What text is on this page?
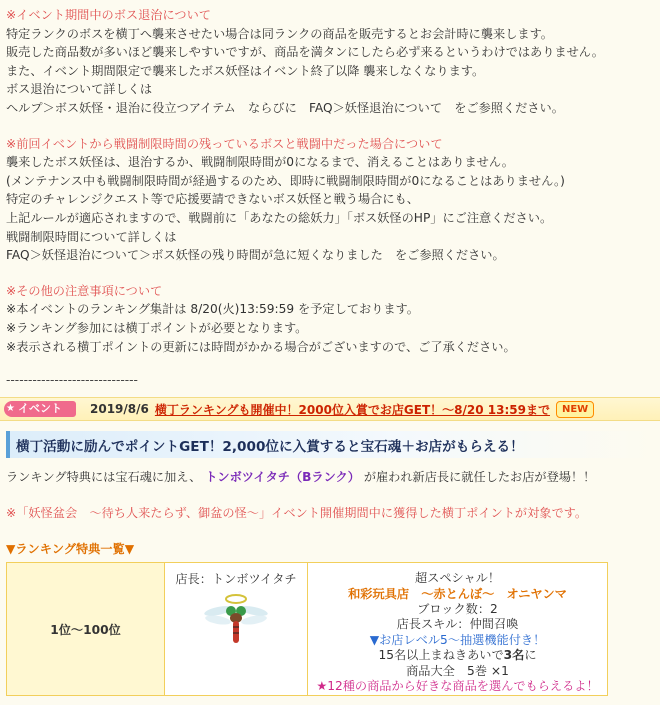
※イベント期間中のボス退治について
特定ランクのボスを横丁へ襲来させたい場合は同ランクの商品を販売するとお会計時に襲来します。
販売した商品数が多いほど襲来しやすいですが、商品を満タンにしたら必ず来るというわけではありません。
また、イベント期間限定で襲来したボス妖怪はイベント終了以降 襲来しなくなります。
ボス退治について詳しくは
ヘルプ＞ボス妖怪・退治に役立つアイテム　ならびに　FAQ＞妖怪退治について　をご参照ください。
※前回イベントから戦闘制限時間の残っているボスと戦闘中だった場合について
襲来したボス妖怪は、退治するか、戦闘制限時間が0になるまで、消えることはありません。
(メンテナンス中も戦闘制限時間が経過するのため、即時に戦闘制限時間が0になることはありません。)
特定のチャレンジクエスト等で応援要請できないボス妖怪と戦う場合にも、
上記ルールが適応されますので、戦闘前に「あなたの総妖力」「ボス妖怪のHP」にご注意ください。
戦闘制限時間について詳しくは
FAQ＞妖怪退治について＞ボス妖怪の残り時間が急に短くなりました　をご参照ください。
※その他の注意事項について
※本イベントのランキング集計は 8/20(火)13:59:59 を予定しております。
※ランキング参加には横丁ポイントが必要となります。
※表示される横丁ポイントの更新には時間がかかる場合がございますので、ご了承ください。
------------------------------
★ イベント	2019/8/6 横丁ランキングも開催中！2000位入賞でお店GET！～8/20 13:59まで	NEW
横丁活動に励んでポイントGET！2,000位に入賞すると宝石魂＋お店がもらえる！
ランキング特典には宝石魂に加え、 トンボツイタチ（Bランク） が雇われ新店長に就任したお店が登場！！
※「妖怪盆会　～待ち人来たらず、御盆の怪～」イベント開催期間中に獲得した横丁ポイントが対象です。
▼ランキング特典一覧▼
1位～100位	
店長：トンボツイタチ	超スペシャル！
和彩玩具店　～赤とんぼ～　オニヤンマ
ブロック数：2
店長スキル：仲間召喚
▼お店レベル5～抽選機能付き！
15名以上まねきあいで3名に
商品大全　5巻 ×1
★12種の商品から好きな商品を選んでもらえるよ！
